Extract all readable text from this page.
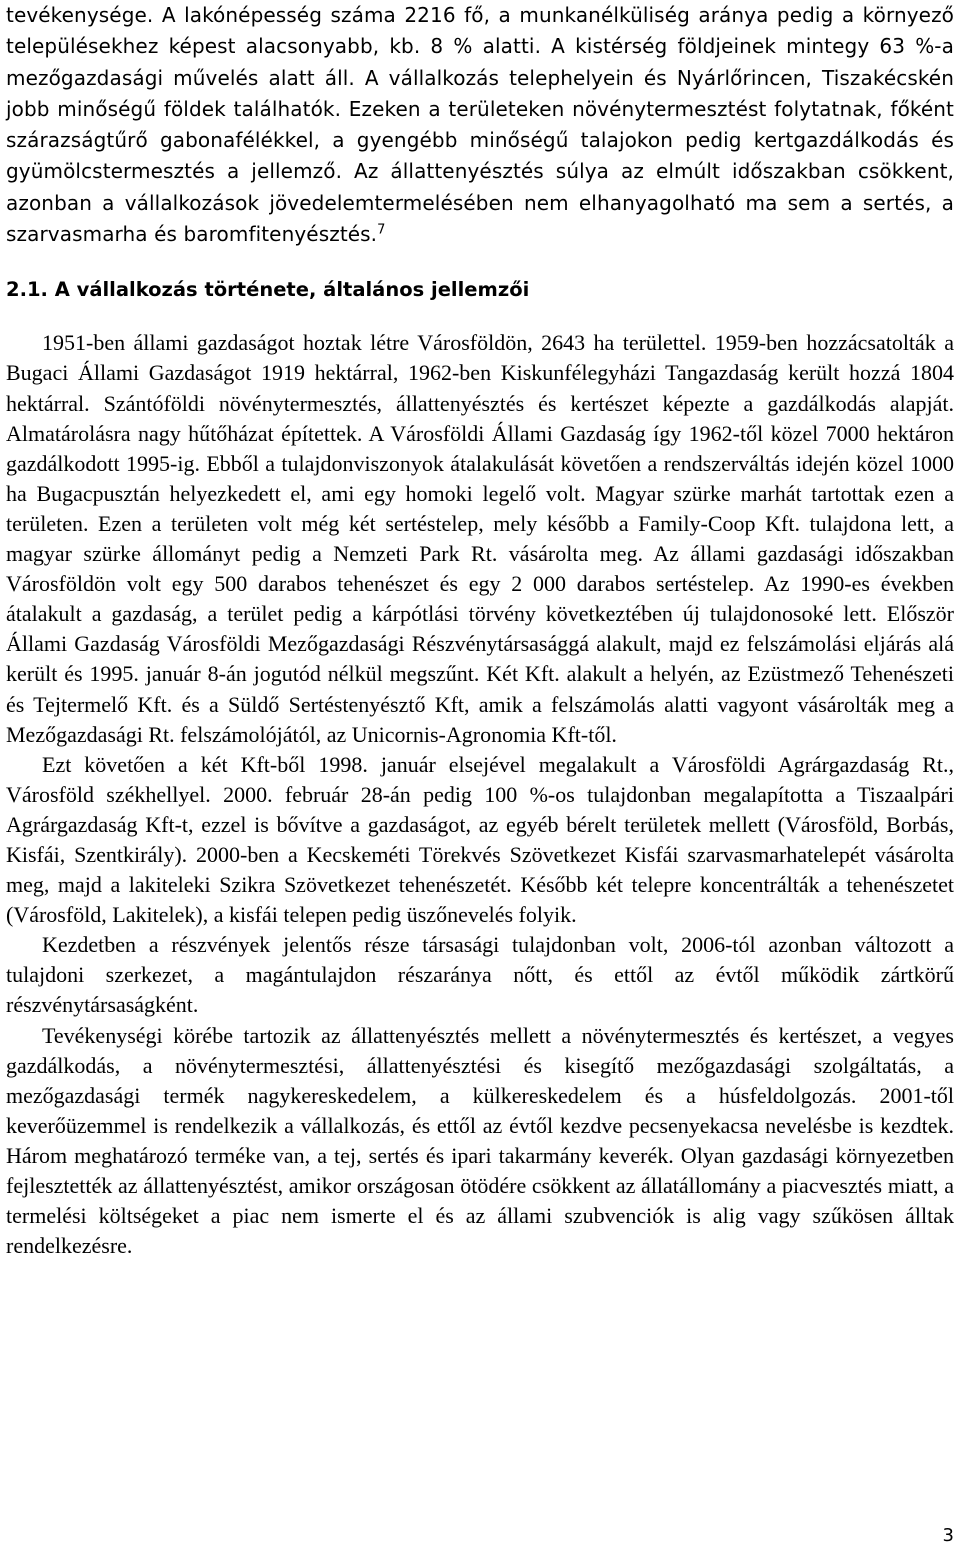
tevékenysége. A lakónépesség száma 2216 fő, a munkanélküliség aránya pedig a környező településekhez képest alacsonyabb, kb. 8 % alatti. A kistérség földjeinek mintegy 63 %-a mezőgazdasági művelés alatt áll. A vállalkozás telephelyein és Nyárlőrincen, Tiszakécskén jobb minőségű földek találhatók. Ezeken a területeken növénytermesztést folytatnak, főként szárazságtűrő gabonafélékkel, a gyengébb minőségű talajokon pedig kertgazdálkodás és gyümölcstermesztés a jellemző. Az állattenyésztés súlya az elmúlt időszakban csökkent, azonban a vállalkozások jövedelemtermelésében nem elhanyagolható ma sem a sertés, a szarvasmarha és baromfitenyésztés.$^7$

2.1. A vállalkozás története, általános jellemzői

1951-ben állami gazdaságot hoztak létre Városföldön, 2643 ha területtel. 1959-ben hozzácsatolták a Bugaci Állami Gazdaságot 1919 hektárral, 1962-ben Kiskunfélegyházi Tangazdaság került hozzá 1804 hektárral. Szántóföldi növénytermesztés, állattenyésztés és kertészet képezte a gazdálkodás alapját. Almatárolásra nagy hűtőházat építettek. A Városföldi Állami Gazdaság így 1962-től közel 7000 hektáron gazdálkodott 1995-ig. Ebből a tulajdonviszonyok átalakulását követően a rendszerváltás idején közel 1000 ha Bugacpusztán helyezkedett el, ami egy homoki legelő volt. Magyar szürke marhát tartottak ezen a területen. Ezen a területen volt még két sertéstelep, mely később a Family-Coop Kft. tulajdona lett, a magyar szürke állományt pedig a Nemzeti Park Rt. vásárolta meg. Az állami gazdasági időszakban Városföldön volt egy 500 darabos tehenészet és egy 2 000 darabos sertéstelep. Az 1990-es években átalakult a gazdaság, a terület pedig a kárpótlási törvény következtében új tulajdonosoké lett. Először Állami Gazdaság Városföldi Mezőgazdasági Részvénytársasággá alakult, majd ez felszámolási eljárás alá került és 1995. január 8-án jogutód nélkül megszűnt. Két Kft. alakult a helyén, az Ezüstmező Tehenészeti és Tejtermelő Kft. és a Süldő Sertéstenyésztő Kft, amik a felszámolás alatti vagyont vásárolták meg a Mezőgazdasági Rt. felszámolójától, az Unicornis-Agronomia Kft-től.

Ezt követően a két Kft-ből 1998. január elsejével megalakult a Városföldi Agrárgazdaság Rt., Városföld székhellyel. 2000. február 28-án pedig 100 %-os tulajdonban megalapította a Tiszaalpári Agrárgazdaság Kft-t, ezzel is bővítve a gazdaságot, az egyéb bérelt területek mellett (Városföld, Borbás, Kisfái, Szentkirály). 2000-ben a Kecskeméti Törekvés Szövetkezet Kisfái szarvasmarhatelepét vásárolta meg, majd a lakiteleki Szikra Szövetkezet tehenészetét. Később két telepre koncentrálták a tehenészetet (Városföld, Lakitelek), a kisfái telepen pedig üszőnevelés folyik.

Kezdetben a részvények jelentős része társasági tulajdonban volt, 2006-tól azonban változott a tulajdoni szerkezet, a magántulajdon részaránya nőtt, és ettől az évtől működik zártkörű részvénytársaságként.

Tevékenységi körébe tartozik az állattenyésztés mellett a növénytermesztés és kertészet, a vegyes gazdálkodás, a növénytermesztési, állattenyésztési és kisegítő mezőgazdasági szolgáltatás, a mezőgazdasági termék nagykereskedelem, a külkereskedelem és a húsfeldolgozás. 2001-től keverőüzemmel is rendelkezik a vállalkozás, és ettől az évtől kezdve pecsenyekacsa nevelésbe is kezdtek. Három meghatározó terméke van, a tej, sertés és ipari takarmány keverék. Olyan gazdasági környezetben fejlesztették az állattenyésztést, amikor országosan ötödére csökkent az állatállomány a piacvesztés miatt, a termelési költségeket a piac nem ismerte el és az állami szubvenciók is alig vagy szűkösen álltak rendelkezésre.

3
